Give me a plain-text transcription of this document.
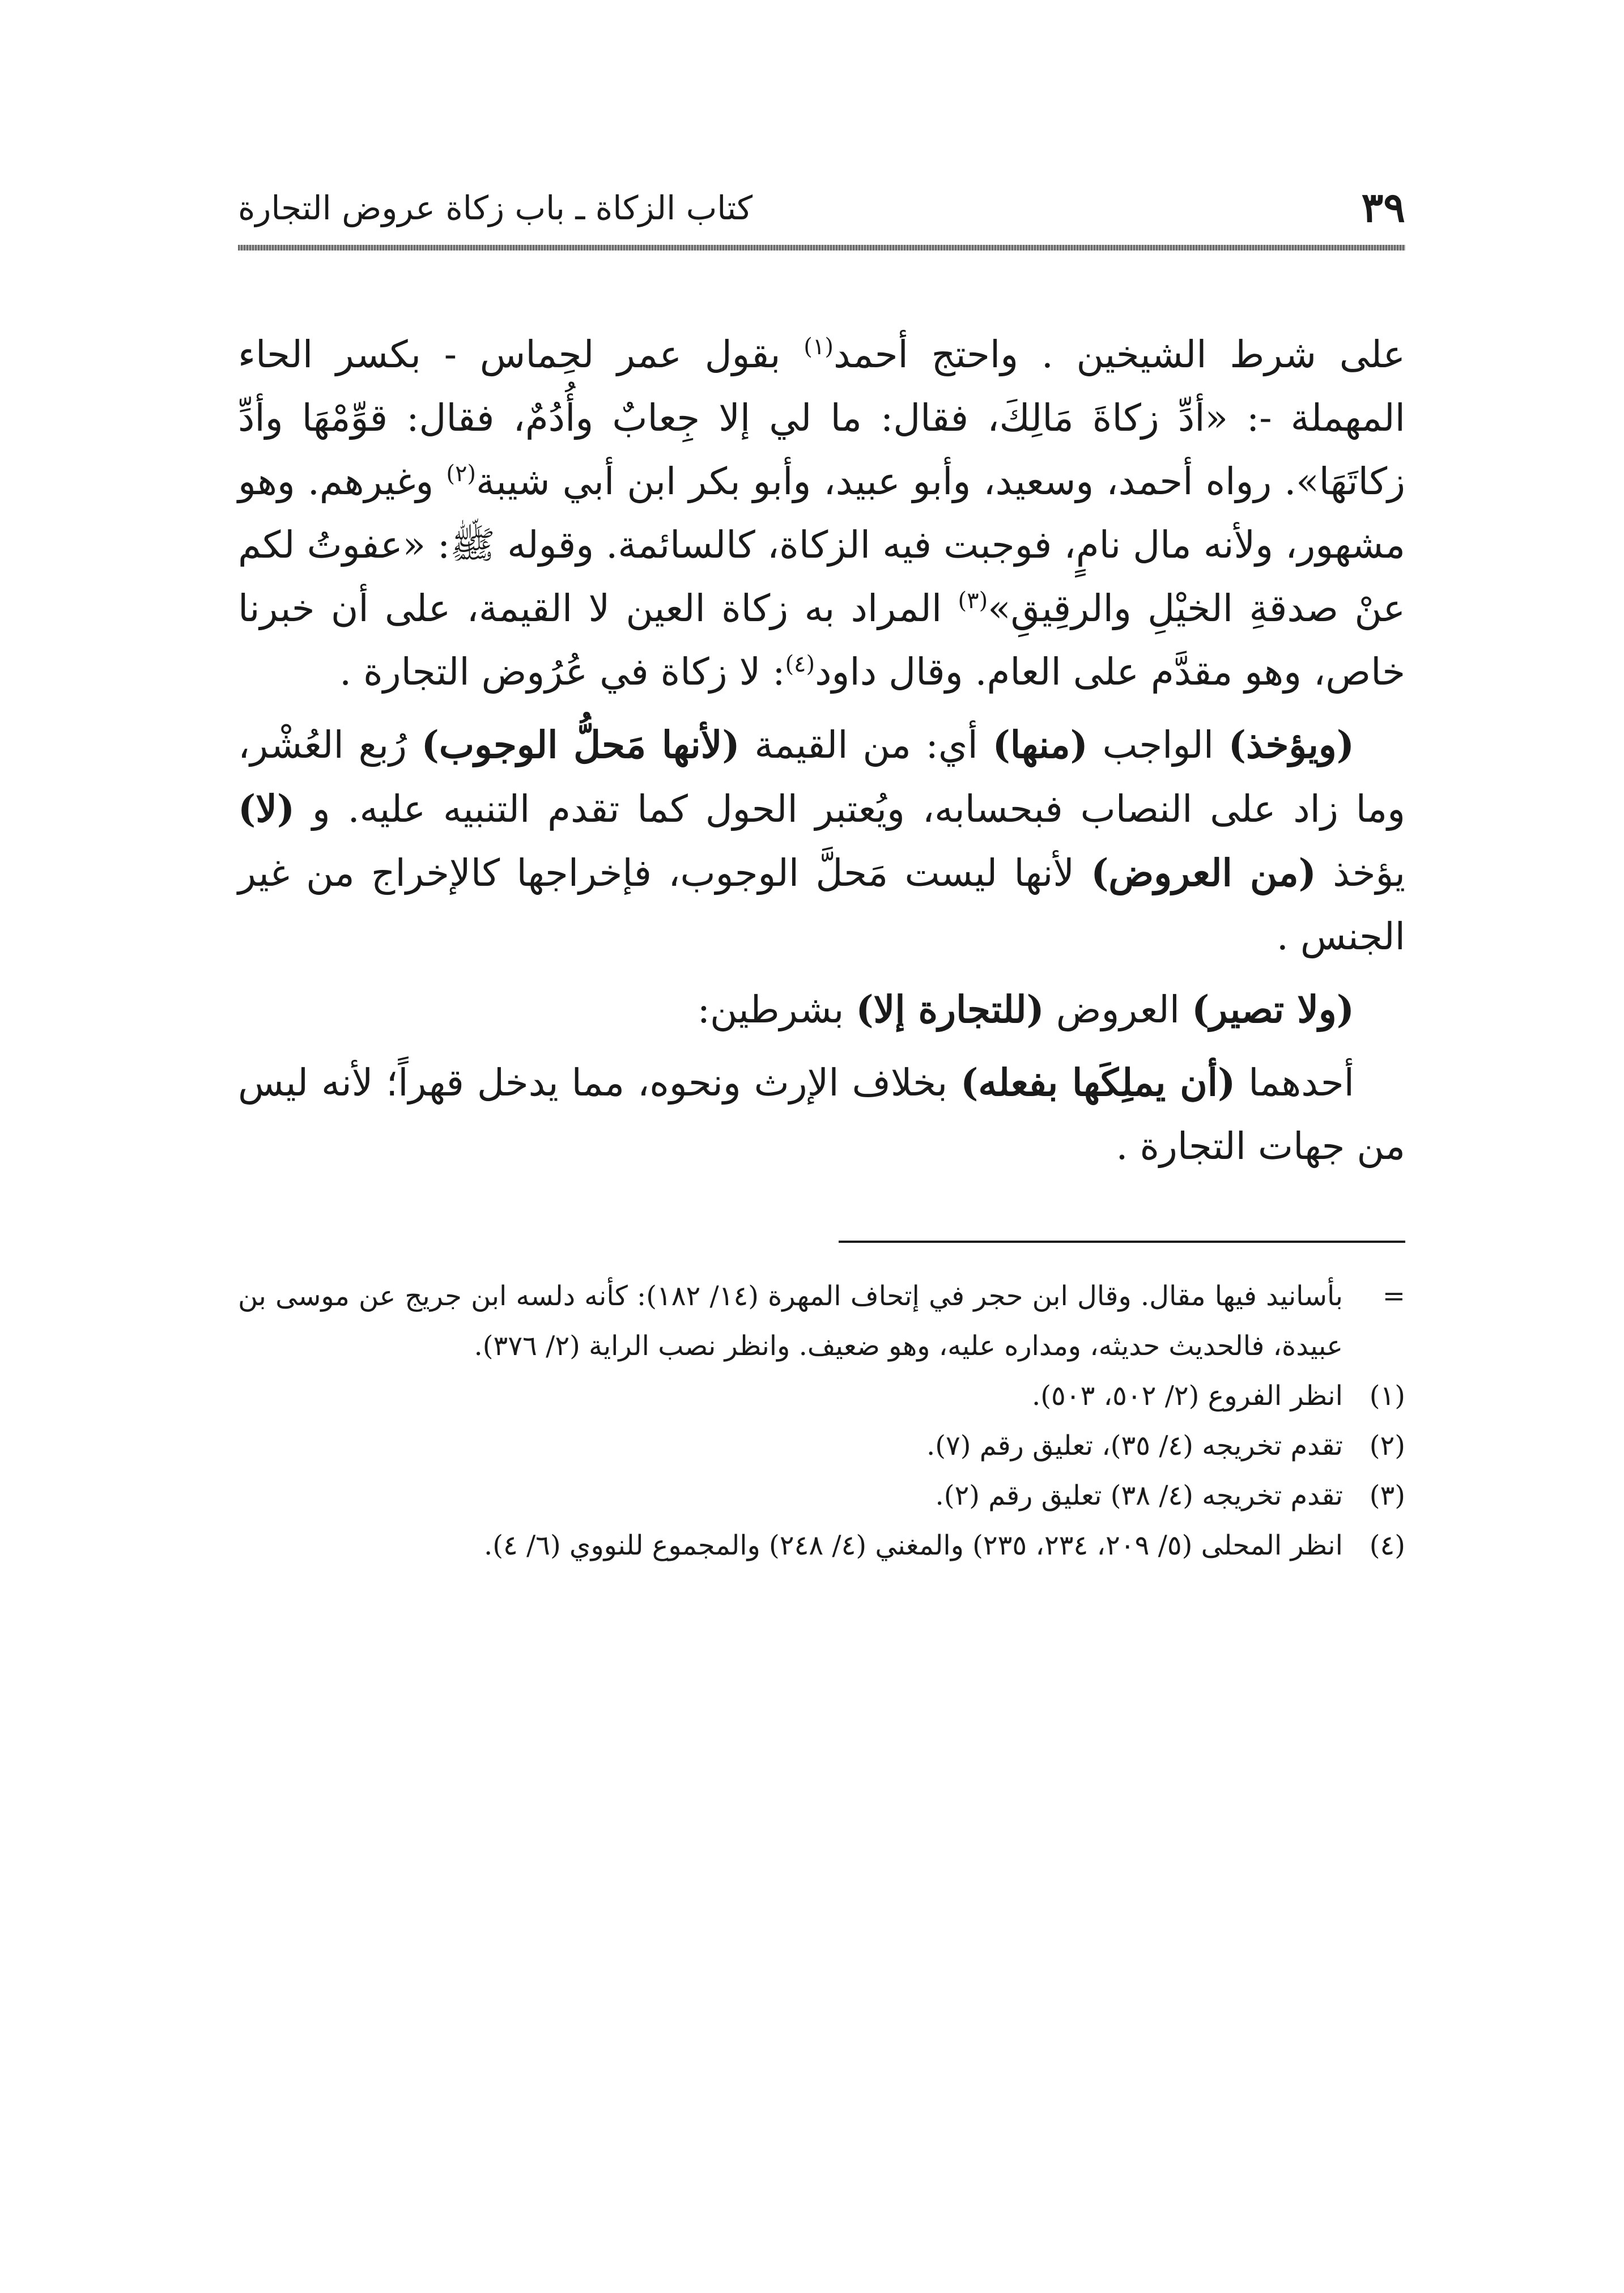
٣٩
كتاب الزكاة ـ باب زكاة عروض التجارة

على شرط الشيخين . واحتج أحمد$^{(١)}$ بقول عمر لحِماس - بكسر الحاء المهملة -: «أدِّ زكاةَ مَالِكَ، فقال: ما لي إلا جِعابٌ وأُدُمٌ، فقال: قوِّمْهَا وأدِّ زكاتَهَا». رواه أحمد، وسعيد، وأبو عبيد، وأبو بكر ابن أبي شيبة$^{(٢)}$ وغيرهم. وهو مشهور، ولأنه مال نامٍ، فوجبت فيه الزكاة، كالسائمة. وقوله ﷺ: «عفوتُ لكم عنْ صدقةِ الخيْلِ والرقِيقِ»$^{(٣)}$ المراد به زكاة العين لا القيمة، على أن خبرنا خاص، وهو مقدَّم على العام. وقال داود$^{(٤)}$: لا زكاة في عُرُوض التجارة .

(ويؤخذ) الواجب (منها) أي: من القيمة (لأنها مَحلُّ الوجوب) رُبع العُشْر، وما زاد على النصاب فبحسابه، ويُعتبر الحول كما تقدم التنبيه عليه. و (لا) يؤخذ (من العروض) لأنها ليست مَحلَّ الوجوب، فإخراجها كالإخراج من غير الجنس .

(ولا تصير) العروض (للتجارة إلا) بشرطين:

أحدهما (أن يملِكَها بفعله) بخلاف الإرث ونحوه، مما يدخل قهراً؛ لأنه ليس من جهات التجارة .

=
بأسانيد فيها مقال. وقال ابن حجر في إتحاف المهرة (١٤/ ١٨٢): كأنه دلسه ابن جريج عن موسى بن عبيدة، فالحديث حديثه، ومداره عليه، وهو ضعيف. وانظر نصب الراية (٢/ ٣٧٦).
(١)
انظر الفروع (٢/ ٥٠٢، ٥٠٣).
(٢)
تقدم تخريجه (٤/ ٣٥)، تعليق رقم (٧).
(٣)
تقدم تخريجه (٤/ ٣٨) تعليق رقم (٢).
(٤)
انظر المحلى (٥/ ٢٠٩، ٢٣٤، ٢٣٥) والمغني (٤/ ٢٤٨) والمجموع للنووي (٦/ ٤).
